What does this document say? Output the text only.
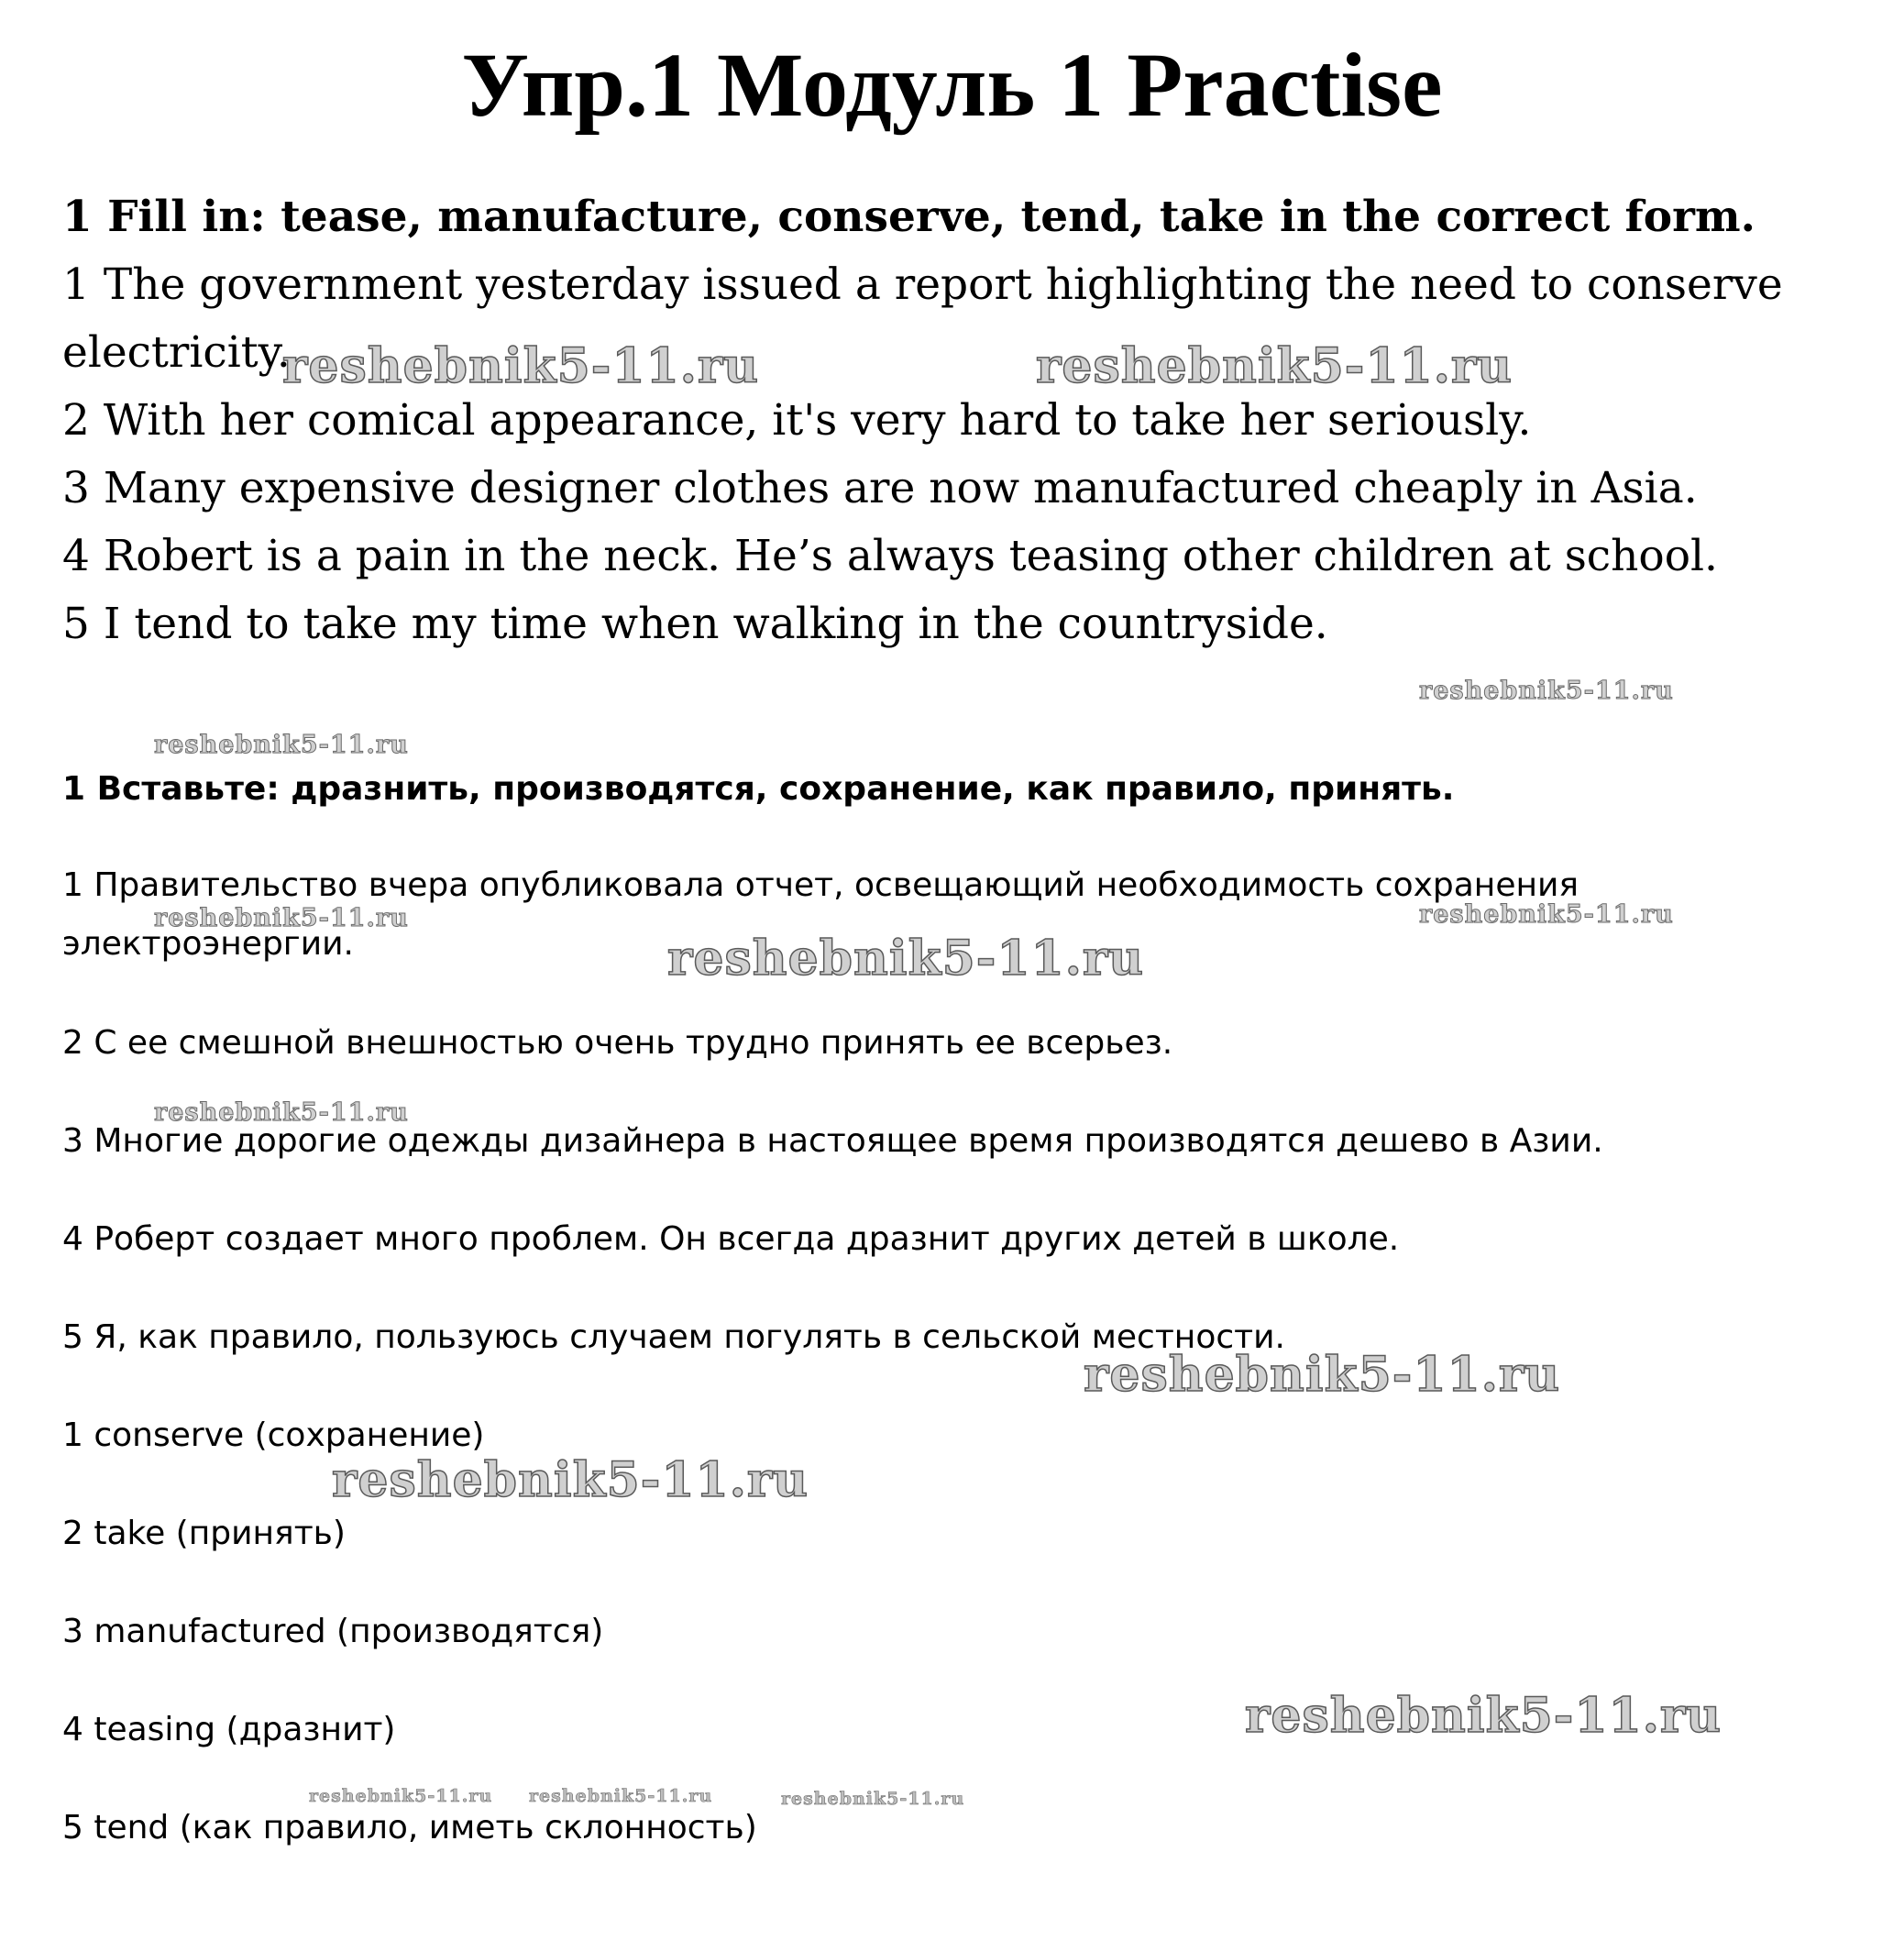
Упр.1 Модуль 1 Practise
1 Fill in: tease, manufacture, conserve, tend, take in the correct form.
1 The government yesterday issued a report highlighting the need to conserve
electricity.
2 With her comical appearance, it's very hard to take her seriously.
3 Many expensive designer clothes are now manufactured cheaply in Asia.
4 Robert is a pain in the neck. He’s always teasing other children at school.
5 I tend to take my time when walking in the countryside.
1 Вставьте: дразнить, производятся, сохранение, как правило, принять.
1 Правительство вчера опубликовала отчет, освещающий необходимость сохранения
электроэнергии.
2 С ее смешной внешностью очень трудно принять ее всерьез.
3 Многие дорогие одежды дизайнера в настоящее время производятся дешево в Азии.
4 Роберт создает много проблем. Он всегда дразнит других детей в школе.
5 Я, как правило, пользуюсь случаем погулять в сельской местности.
1 conserve (сохранение)
2 take (принять)
3 manufactured (производятся)
4 teasing (дразнит)
5 tend (как правило, иметь склонность)
reshebnik5-11.ru	reshebnik5-11.ru
reshebnik5-11.ru
reshebnik5-11.ru
reshebnik5-11.ru	reshebnik5-11.ru
reshebnik5-11.ru
reshebnik5-11.ru
reshebnik5-11.ru
reshebnik5-11.ru
reshebnik5-11.ru
reshebnik5-11.ru reshebnik5-11.ru	reshebnik5-11.ru
